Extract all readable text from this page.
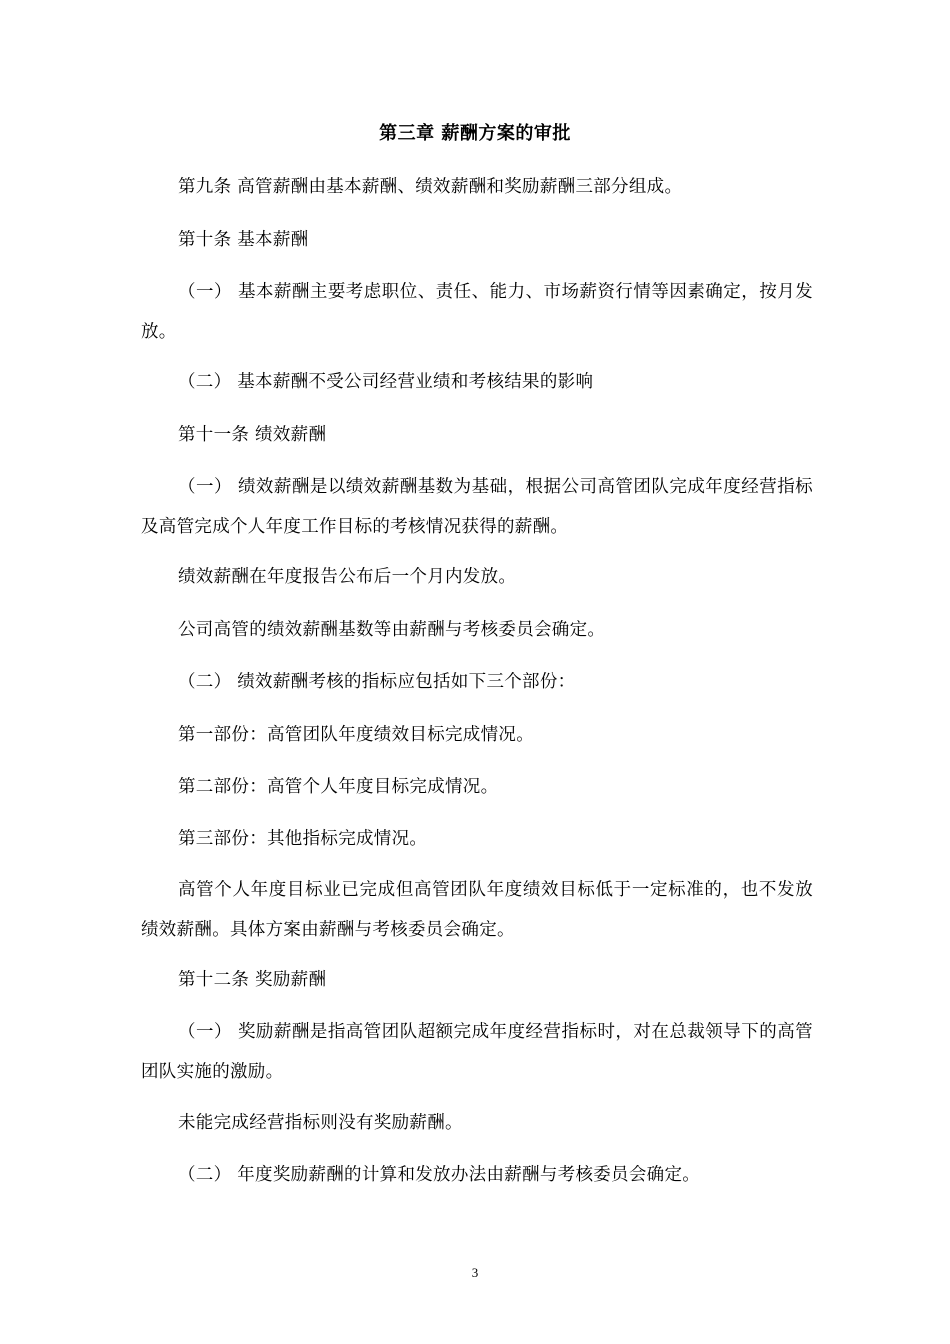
第三章 薪酬方案的审批

第九条 高管薪酬由基本薪酬、绩效薪酬和奖励薪酬三部分组成。

第十条 基本薪酬

（一） 基本薪酬主要考虑职位、责任、能力、市场薪资行情等因素确定，按月发放。

（二） 基本薪酬不受公司经营业绩和考核结果的影响

第十一条 绩效薪酬

（一） 绩效薪酬是以绩效薪酬基数为基础，根据公司高管团队完成年度经营指标及高管完成个人年度工作目标的考核情况获得的薪酬。

绩效薪酬在年度报告公布后一个月内发放。

公司高管的绩效薪酬基数等由薪酬与考核委员会确定。

（二） 绩效薪酬考核的指标应包括如下三个部份：

第一部份：高管团队年度绩效目标完成情况。

第二部份：高管个人年度目标完成情况。

第三部份：其他指标完成情况。

高管个人年度目标业已完成但高管团队年度绩效目标低于一定标准的，也不发放绩效薪酬。具体方案由薪酬与考核委员会确定。

第十二条 奖励薪酬

（一） 奖励薪酬是指高管团队超额完成年度经营指标时，对在总裁领导下的高管团队实施的激励。

未能完成经营指标则没有奖励薪酬。

（二） 年度奖励薪酬的计算和发放办法由薪酬与考核委员会确定。

3
